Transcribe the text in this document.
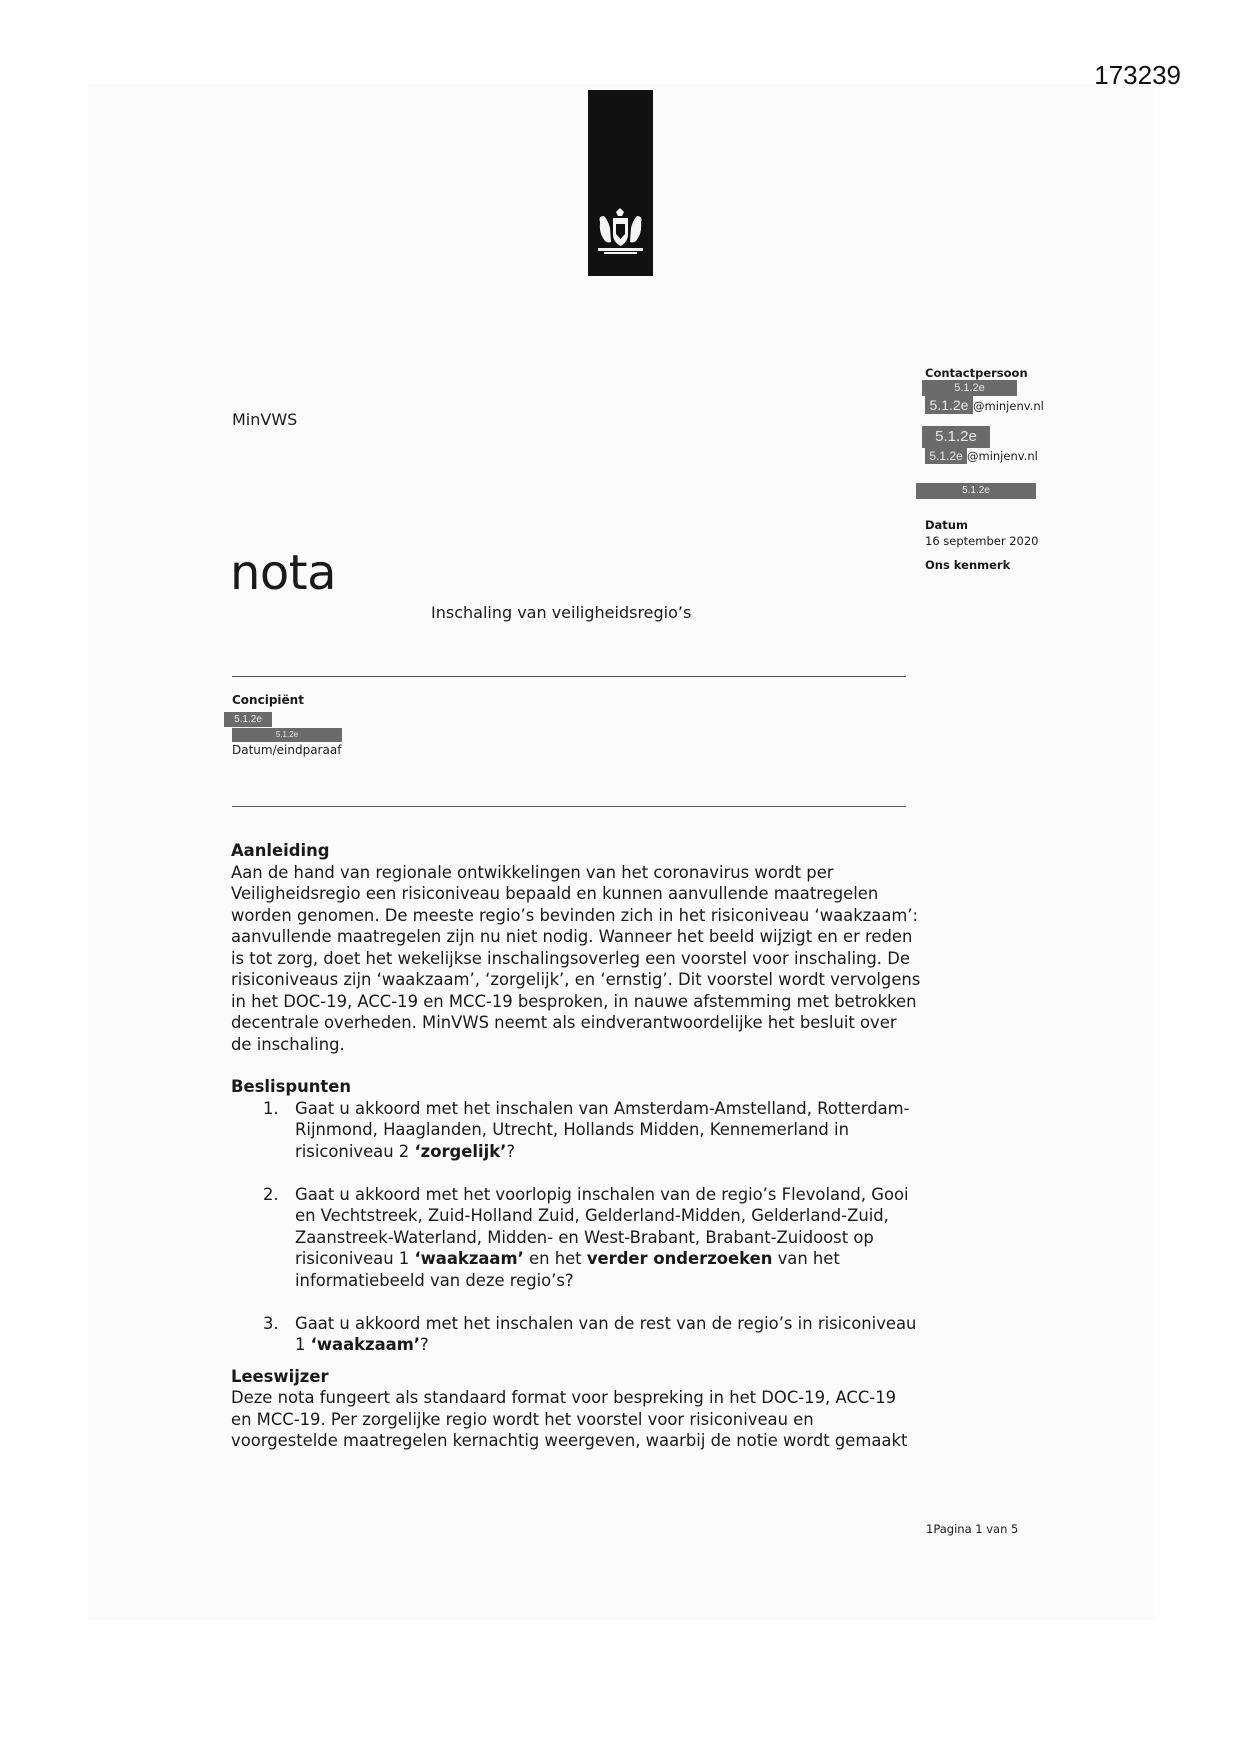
173239
MinVWS
nota
Inschaling van veiligheidsregio’s
Contactpersoon
5.1.2e
5.1.2e @minjenv.nl
5.1.2e
5.1.2e @minjenv.nl
5.1.2e
Datum
16 september 2020
Ons kenmerk
Concipiënt
5.1.2e
5.1.2e
Datum/eindparaaf
Aanleiding

Aan de hand van regionale ontwikkelingen van het coronavirus wordt per Veiligheidsregio een risiconiveau bepaald en kunnen aanvullende maatregelen worden genomen. De meeste regio’s bevinden zich in het risiconiveau ‘waakzaam’: aanvullende maatregelen zijn nu niet nodig. Wanneer het beeld wijzigt en er reden is tot zorg, doet het wekelijkse inschalingsoverleg een voorstel voor inschaling. De risiconiveaus zijn ‘waakzaam’, ‘zorgelijk’, en ‘ernstig’. Dit voorstel wordt vervolgens in het DOC-19, ACC-19 en MCC-19 besproken, in nauwe afstemming met betrokken decentrale overheden. MinVWS neemt als eindverantwoordelijke het besluit over de inschaling.

Beslispunten
1. Gaat u akkoord met het inschalen van Amsterdam-Amstelland, Rotterdam-Rijnmond, Haaglanden, Utrecht, Hollands Midden, Kennemerland in risiconiveau 2 ‘zorgelijk’?
2. Gaat u akkoord met het voorlopig inschalen van de regio’s Flevoland, Gooi en Vechtstreek, Zuid-Holland Zuid, Gelderland-Midden, Gelderland-Zuid, Zaanstreek-Waterland, Midden- en West-Brabant, Brabant-Zuidoost op risiconiveau 1 ‘waakzaam’ en het verder onderzoeken van het informatiebeeld van deze regio’s?
3. Gaat u akkoord met het inschalen van de rest van de regio’s in risiconiveau 1 ‘waakzaam’?
Leeswijzer

Deze nota fungeert als standaard format voor bespreking in het DOC-19, ACC-19 en MCC-19. Per zorgelijke regio wordt het voorstel voor risiconiveau en voorgestelde maatregelen kernachtig weergeven, waarbij de notie wordt gemaakt

1Pagina 1 van 5
